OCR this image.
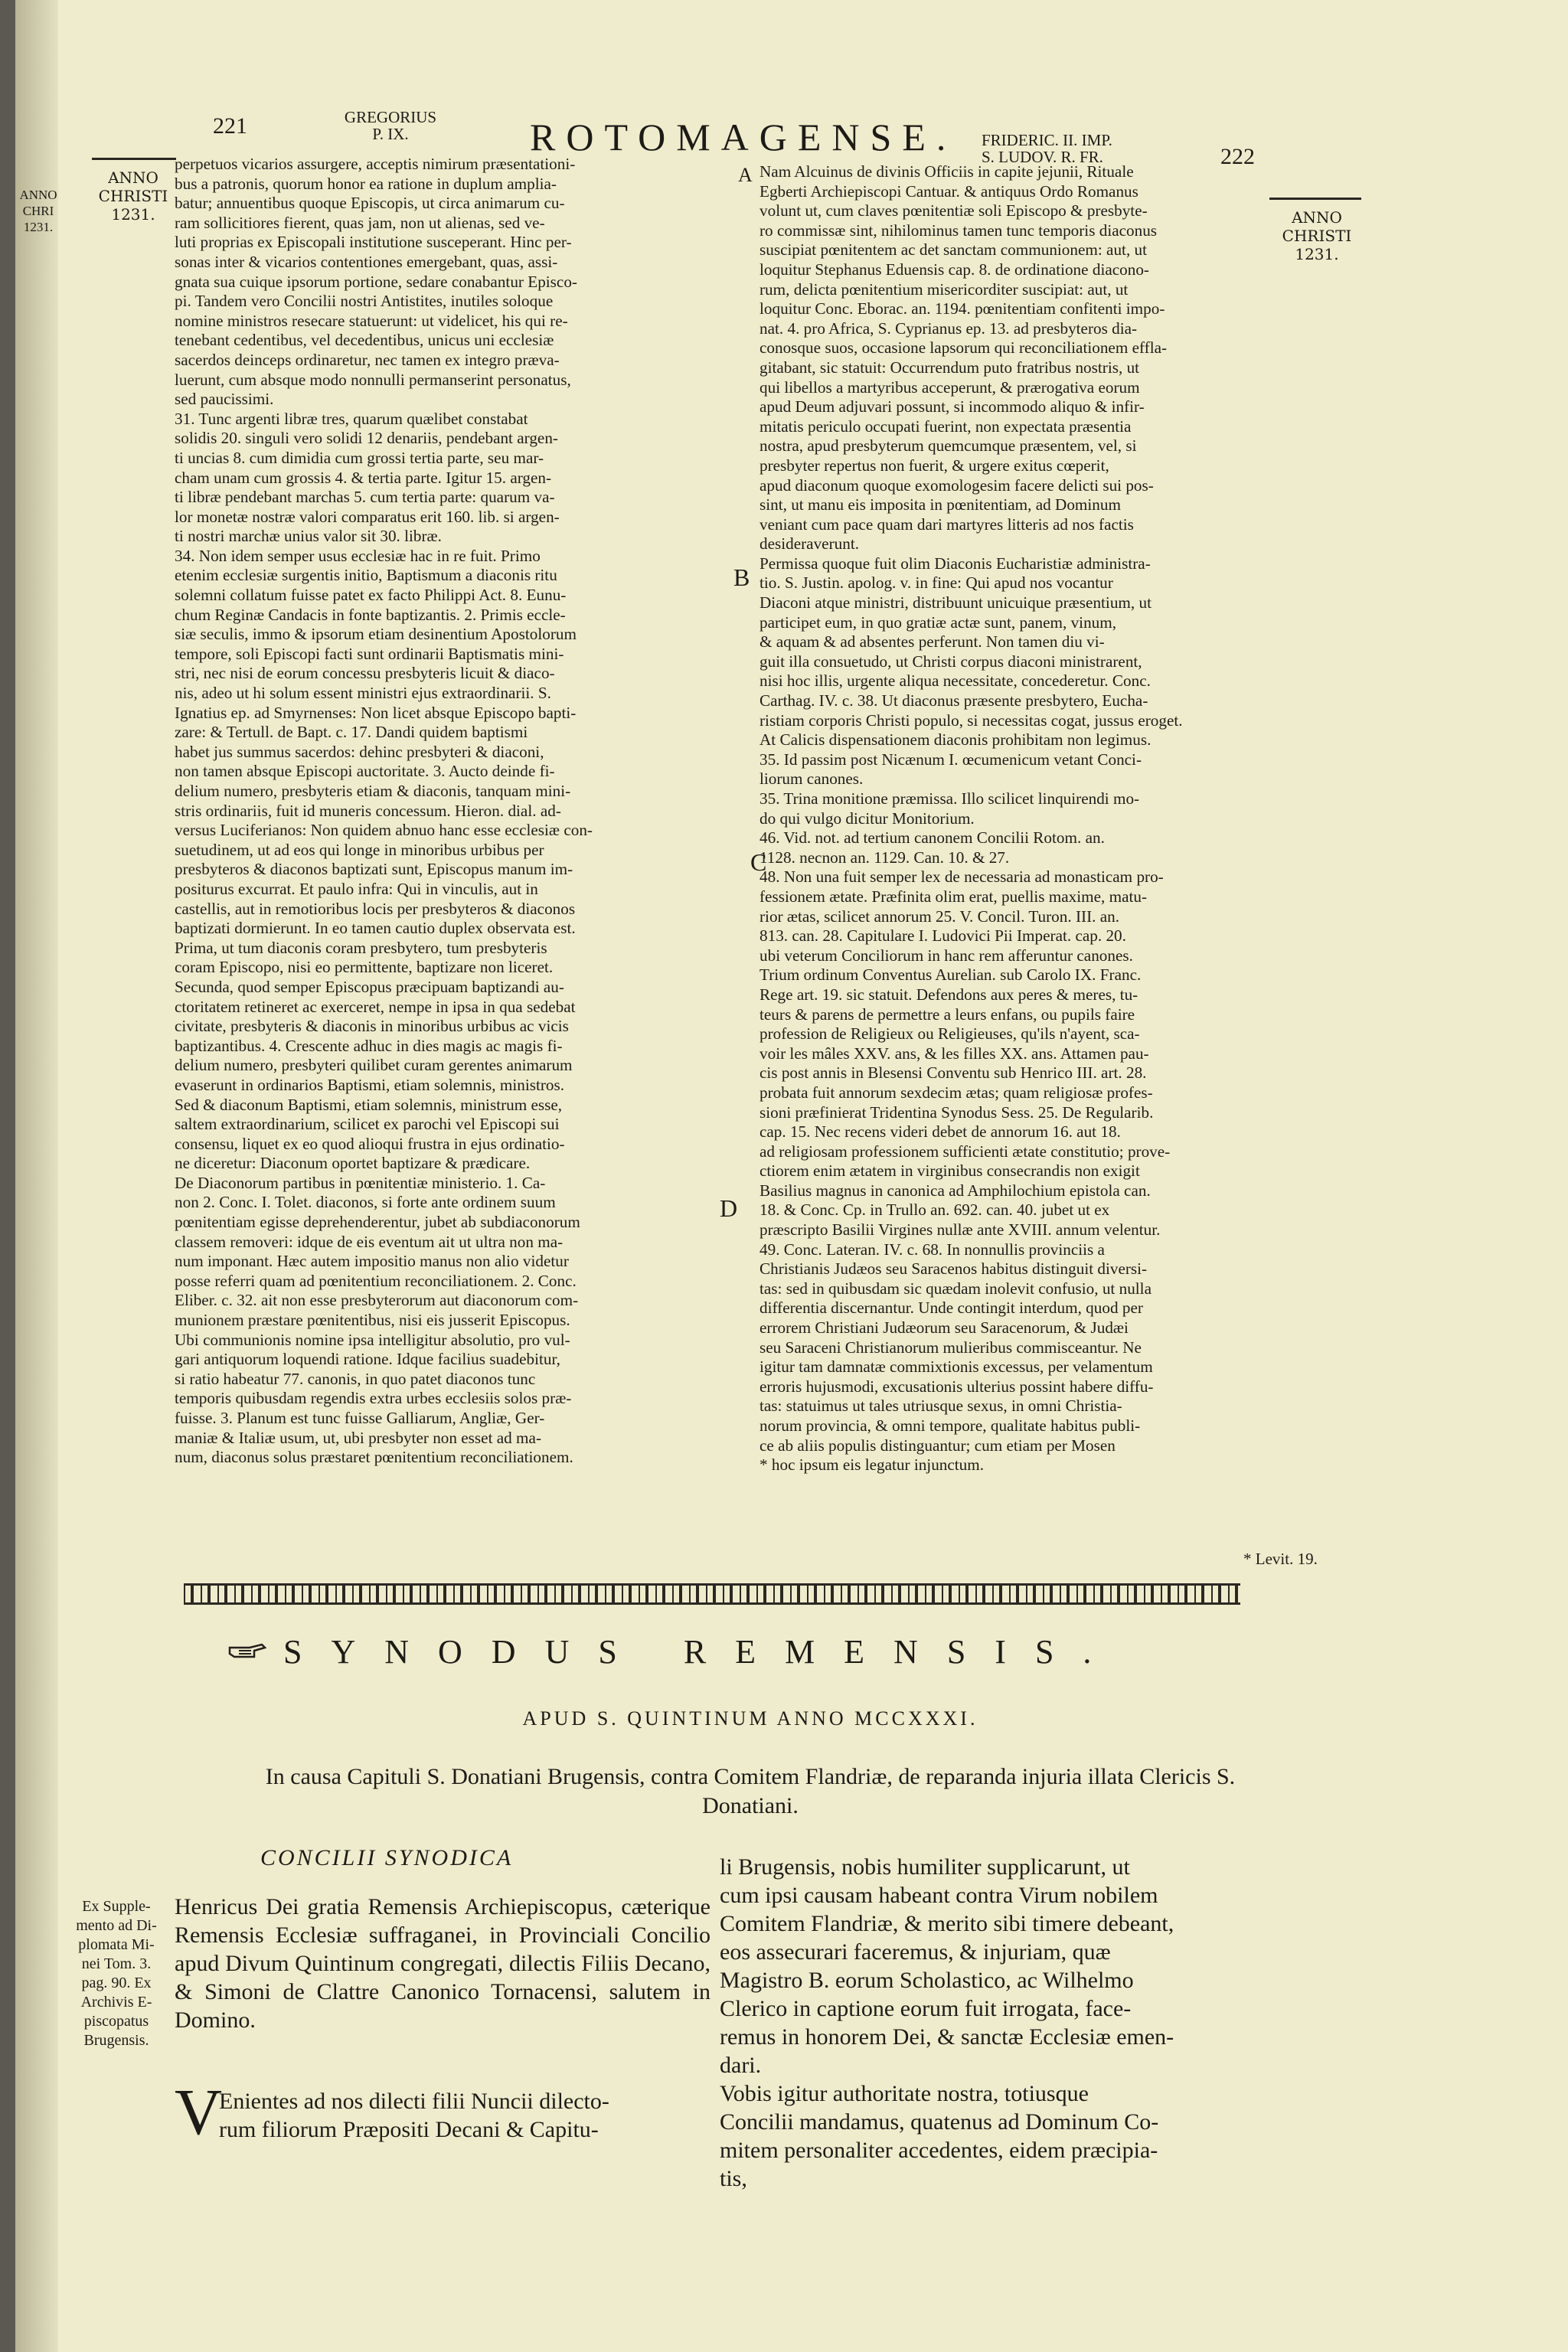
ANNO
CHRI
1231.
221	GREGORIUS
P. IX.	ROTOMAGENSE. FRIDERIC. II. IMP.
S. LUDOV. R. FR.	222
ANNO
CHRISTI
1231.	ANNO
CHRISTI
1231.
A
B
C
D
perpetuos vicarios assurgere, acceptis nimirum præsentationi-
bus a patronis, quorum honor ea ratione in duplum amplia-
batur; annuentibus quoque Episcopis, ut circa animarum cu-
ram sollicitiores fierent, quas jam, non ut alienas, sed ve-
luti proprias ex Episcopali institutione susceperant. Hinc per-
sonas inter & vicarios contentiones emergebant, quas, assi-
gnata sua cuique ipsorum portione, sedare conabantur Episco-
pi. Tandem vero Concilii nostri Antistites, inutiles soloque
nomine ministros resecare statuerunt: ut videlicet, his qui re-
tenebant cedentibus, vel decedentibus, unicus uni ecclesiæ
sacerdos deinceps ordinaretur, nec tamen ex integro præva-
luerunt, cum absque modo nonnulli permanserint personatus,
sed paucissimi.
31. Tunc argenti libræ tres, quarum quælibet constabat
solidis 20. singuli vero solidi 12 denariis, pendebant argen-
ti uncias 8. cum dimidia cum grossi tertia parte, seu mar-
cham unam cum grossis 4. & tertia parte. Igitur 15. argen-
ti libræ pendebant marchas 5. cum tertia parte: quarum va-
lor monetæ nostræ valori comparatus erit 160. lib. si argen-
ti nostri marchæ unius valor sit 30. libræ.
34. Non idem semper usus ecclesiæ hac in re fuit. Primo
etenim ecclesiæ surgentis initio, Baptismum a diaconis ritu
solemni collatum fuisse patet ex facto Philippi Act. 8. Eunu-
chum Reginæ Candacis in fonte baptizantis. 2. Primis eccle-
siæ seculis, immo & ipsorum etiam desinentium Apostolorum
tempore, soli Episcopi facti sunt ordinarii Baptismatis mini-
stri, nec nisi de eorum concessu presbyteris licuit & diaco-
nis, adeo ut hi solum essent ministri ejus extraordinarii. S.
Ignatius ep. ad Smyrnenses: Non licet absque Episcopo bapti-
zare: & Tertull. de Bapt. c. 17. Dandi quidem baptismi
habet jus summus sacerdos: dehinc presbyteri & diaconi,
non tamen absque Episcopi auctoritate. 3. Aucto deinde fi-
delium numero, presbyteris etiam & diaconis, tanquam mini-
stris ordinariis, fuit id muneris concessum. Hieron. dial. ad-
versus Luciferianos: Non quidem abnuo hanc esse ecclesiæ con-
suetudinem, ut ad eos qui longe in minoribus urbibus per
presbyteros & diaconos baptizati sunt, Episcopus manum im-
positurus excurrat. Et paulo infra: Qui in vinculis, aut in
castellis, aut in remotioribus locis per presbyteros & diaconos
baptizati dormierunt. In eo tamen cautio duplex observata est.
Prima, ut tum diaconis coram presbytero, tum presbyteris
coram Episcopo, nisi eo permittente, baptizare non liceret.
Secunda, quod semper Episcopus præcipuam baptizandi au-
ctoritatem retineret ac exerceret, nempe in ipsa in qua sedebat
civitate, presbyteris & diaconis in minoribus urbibus ac vicis
baptizantibus. 4. Crescente adhuc in dies magis ac magis fi-
delium numero, presbyteri quilibet curam gerentes animarum
evaserunt in ordinarios Baptismi, etiam solemnis, ministros.
Sed & diaconum Baptismi, etiam solemnis, ministrum esse,
saltem extraordinarium, scilicet ex parochi vel Episcopi sui
consensu, liquet ex eo quod alioqui frustra in ejus ordinatio-
ne diceretur: Diaconum oportet baptizare & prædicare.
De Diaconorum partibus in pœnitentiæ ministerio. 1. Ca-
non 2. Conc. I. Tolet. diaconos, si forte ante ordinem suum
pœnitentiam egisse deprehenderentur, jubet ab subdiaconorum
classem removeri: idque de eis eventum ait ut ultra non ma-
num imponant. Hæc autem impositio manus non alio videtur
posse referri quam ad pœnitentium reconciliationem. 2. Conc.
Eliber. c. 32. ait non esse presbyterorum aut diaconorum com-
munionem præstare pœnitentibus, nisi eis jusserit Episcopus.
Ubi communionis nomine ipsa intelligitur absolutio, pro vul-
gari antiquorum loquendi ratione. Idque facilius suadebitur,
si ratio habeatur 77. canonis, in quo patet diaconos tunc
temporis quibusdam regendis extra urbes ecclesiis solos præ-
fuisse. 3. Planum est tunc fuisse Galliarum, Angliæ, Ger-
maniæ & Italiæ usum, ut, ubi presbyter non esset ad ma-
num, diaconus solus præstaret pœnitentium reconciliationem.
Nam Alcuinus de divinis Officiis in capite jejunii, Rituale
Egberti Archiepiscopi Cantuar. & antiquus Ordo Romanus
volunt ut, cum claves pœnitentiæ soli Episcopo & presbyte-
ro commissæ sint, nihilominus tamen tunc temporis diaconus
suscipiat pœnitentem ac det sanctam communionem: aut, ut
loquitur Stephanus Eduensis cap. 8. de ordinatione diacono-
rum, delicta pœnitentium misericorditer suscipiat: aut, ut
loquitur Conc. Eborac. an. 1194. pœnitentiam confitenti impo-
nat. 4. pro Africa, S. Cyprianus ep. 13. ad presbyteros dia-
conosque suos, occasione lapsorum qui reconciliationem effla-
gitabant, sic statuit: Occurrendum puto fratribus nostris, ut
qui libellos a martyribus acceperunt, & prærogativa eorum
apud Deum adjuvari possunt, si incommodo aliquo & infir-
mitatis periculo occupati fuerint, non expectata præsentia
nostra, apud presbyterum quemcumque præsentem, vel, si
presbyter repertus non fuerit, & urgere exitus cœperit,
apud diaconum quoque exomologesim facere delicti sui pos-
sint, ut manu eis imposita in pœnitentiam, ad Dominum
veniant cum pace quam dari martyres litteris ad nos factis
desideraverunt.
Permissa quoque fuit olim Diaconis Eucharistiæ administra-
tio. S. Justin. apolog. v. in fine: Qui apud nos vocantur
Diaconi atque ministri, distribuunt unicuique præsentium, ut
participet eum, in quo gratiæ actæ sunt, panem, vinum,
& aquam & ad absentes perferunt. Non tamen diu vi-
guit illa consuetudo, ut Christi corpus diaconi ministrarent,
nisi hoc illis, urgente aliqua necessitate, concederetur. Conc.
Carthag. IV. c. 38. Ut diaconus præsente presbytero, Eucha-
ristiam corporis Christi populo, si necessitas cogat, jussus eroget.
At Calicis dispensationem diaconis prohibitam non legimus.
35. Id passim post Nicænum I. œcumenicum vetant Conci-
liorum canones.
35. Trina monitione præmissa. Illo scilicet linquirendi mo-
do qui vulgo dicitur Monitorium.
46. Vid. not. ad tertium canonem Concilii Rotom. an.
1128. necnon an. 1129. Can. 10. & 27.
48. Non una fuit semper lex de necessaria ad monasticam pro-
fessionem ætate. Præfinita olim erat, puellis maxime, matu-
rior ætas, scilicet annorum 25. V. Concil. Turon. III. an.
813. can. 28. Capitulare I. Ludovici Pii Imperat. cap. 20.
ubi veterum Conciliorum in hanc rem afferuntur canones.
Trium ordinum Conventus Aurelian. sub Carolo IX. Franc.
Rege art. 19. sic statuit. Defendons aux peres & meres, tu-
teurs & parens de permettre a leurs enfans, ou pupils faire
profession de Religieux ou Religieuses, qu'ils n'ayent, sca-
voir les mâles XXV. ans, & les filles XX. ans. Attamen pau-
cis post annis in Blesensi Conventu sub Henrico III. art. 28.
probata fuit annorum sexdecim ætas; quam religiosæ profes-
sioni præfinierat Tridentina Synodus Sess. 25. De Regularib.
cap. 15. Nec recens videri debet de annorum 16. aut 18.
ad religiosam professionem sufficienti ætate constitutio; prove-
ctiorem enim ætatem in virginibus consecrandis non exigit
Basilius magnus in canonica ad Amphilochium epistola can.
18. & Conc. Cp. in Trullo an. 692. can. 40. jubet ut ex
præscripto Basilii Virgines nullæ ante XVIII. annum velentur.
49. Conc. Lateran. IV. c. 68. In nonnullis provinciis a
Christianis Judæos seu Saracenos habitus distinguit diversi-
tas: sed in quibusdam sic quædam inolevit confusio, ut nulla
differentia discernantur. Unde contingit interdum, quod per
errorem Christiani Judæorum seu Saracenorum, & Judæi
seu Saraceni Christianorum mulieribus commisceantur. Ne
igitur tam damnatæ commixtionis excessus, per velamentum
erroris hujusmodi, excusationis ulterius possint habere diffu-
tas: statuimus ut tales utriusque sexus, in omni Christia-
norum provincia, & omni tempore, qualitate habitus publi-
ce ab aliis populis distinguantur; cum etiam per Mosen
* hoc ipsum eis legatur injunctum.
* Levit. 19.
SYNODUS REMENSIS.
APUD S. QUINTINUM ANNO MCCXXXI.
In causa Capituli S. Donatiani Brugensis, contra Comitem Flandriæ, de reparanda injuria illata Clericis S. Donatiani.
CONCILII SYNODICA
Ex Supple-
mento ad Di-
plomata Mi-
nei Tom. 3.
pag. 90. Ex
Archivis E-
piscopatus
Brugensis.
Henricus Dei gratia Remensis Archiepiscopus, cæterique Remensis Ecclesiæ suffraganei, in Provinciali Concilio apud Divum Quintinum congregati, dilectis Filiis Decano, & Simoni de Clattre Canonico Tornacensi, salutem in Domino.
V
Enientes ad nos dilecti filii Nuncii dilecto-
rum filiorum Præpositi Decani & Capitu-
li Brugensis, nobis humiliter supplicarunt, ut
cum ipsi causam habeant contra Virum nobilem
Comitem Flandriæ, & merito sibi timere debeant,
eos assecurari faceremus, & injuriam, quæ
Magistro B. eorum Scholastico, ac Wilhelmo
Clerico in captione eorum fuit irrogata, face-
remus in honorem Dei, & sanctæ Ecclesiæ emen-
dari.
Vobis igitur authoritate nostra, totiusque
Concilii mandamus, quatenus ad Dominum Co-
mitem personaliter accedentes, eidem præcipia-
tis,
